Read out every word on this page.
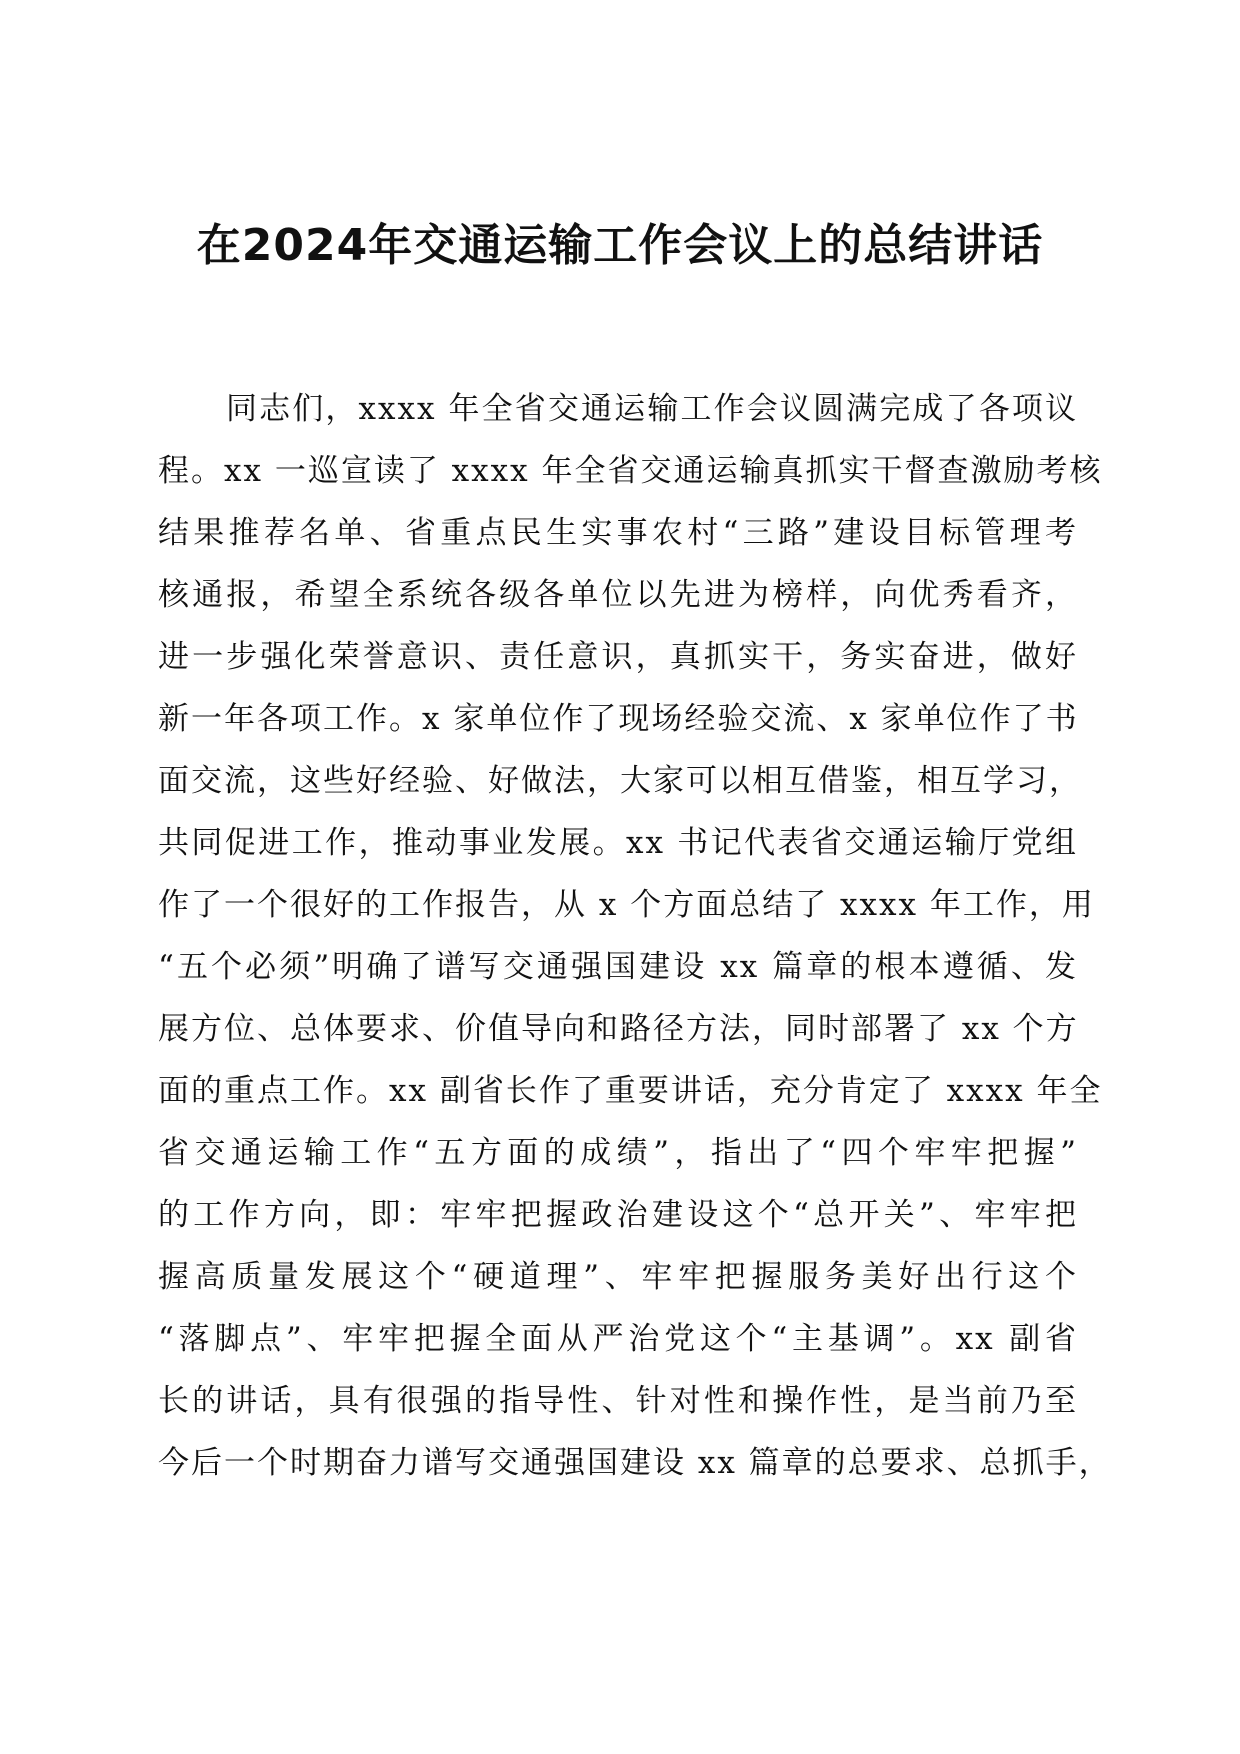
在2024年交通运输工作会议上的总结讲话
同志们，xxxx 年全省交通运输工作会议圆满完成了各项议
程。xx 一巡宣读了 xxxx 年全省交通运输真抓实干督查激励考核
结果推荐名单、省重点民生实事农村“三路”建设目标管理考
核通报，希望全系统各级各单位以先进为榜样，向优秀看齐，
进一步强化荣誉意识、责任意识，真抓实干，务实奋进，做好
新一年各项工作。x 家单位作了现场经验交流、x 家单位作了书
面交流，这些好经验、好做法，大家可以相互借鉴，相互学习，
共同促进工作，推动事业发展。xx 书记代表省交通运输厅党组
作了一个很好的工作报告，从 x 个方面总结了 xxxx 年工作，用
“五个必须”明确了谱写交通强国建设 xx 篇章的根本遵循、发
展方位、总体要求、价值导向和路径方法，同时部署了 xx 个方
面的重点工作。xx 副省长作了重要讲话，充分肯定了 xxxx 年全
省交通运输工作“五方面的成绩”，指出了“四个牢牢把握”
的工作方向，即：牢牢把握政治建设这个“总开关”、牢牢把
握高质量发展这个“硬道理”、牢牢把握服务美好出行这个
“落脚点”、牢牢把握全面从严治党这个“主基调”。xx 副省
长的讲话，具有很强的指导性、针对性和操作性，是当前乃至
今后一个时期奋力谱写交通强国建设 xx 篇章的总要求、总抓手，
